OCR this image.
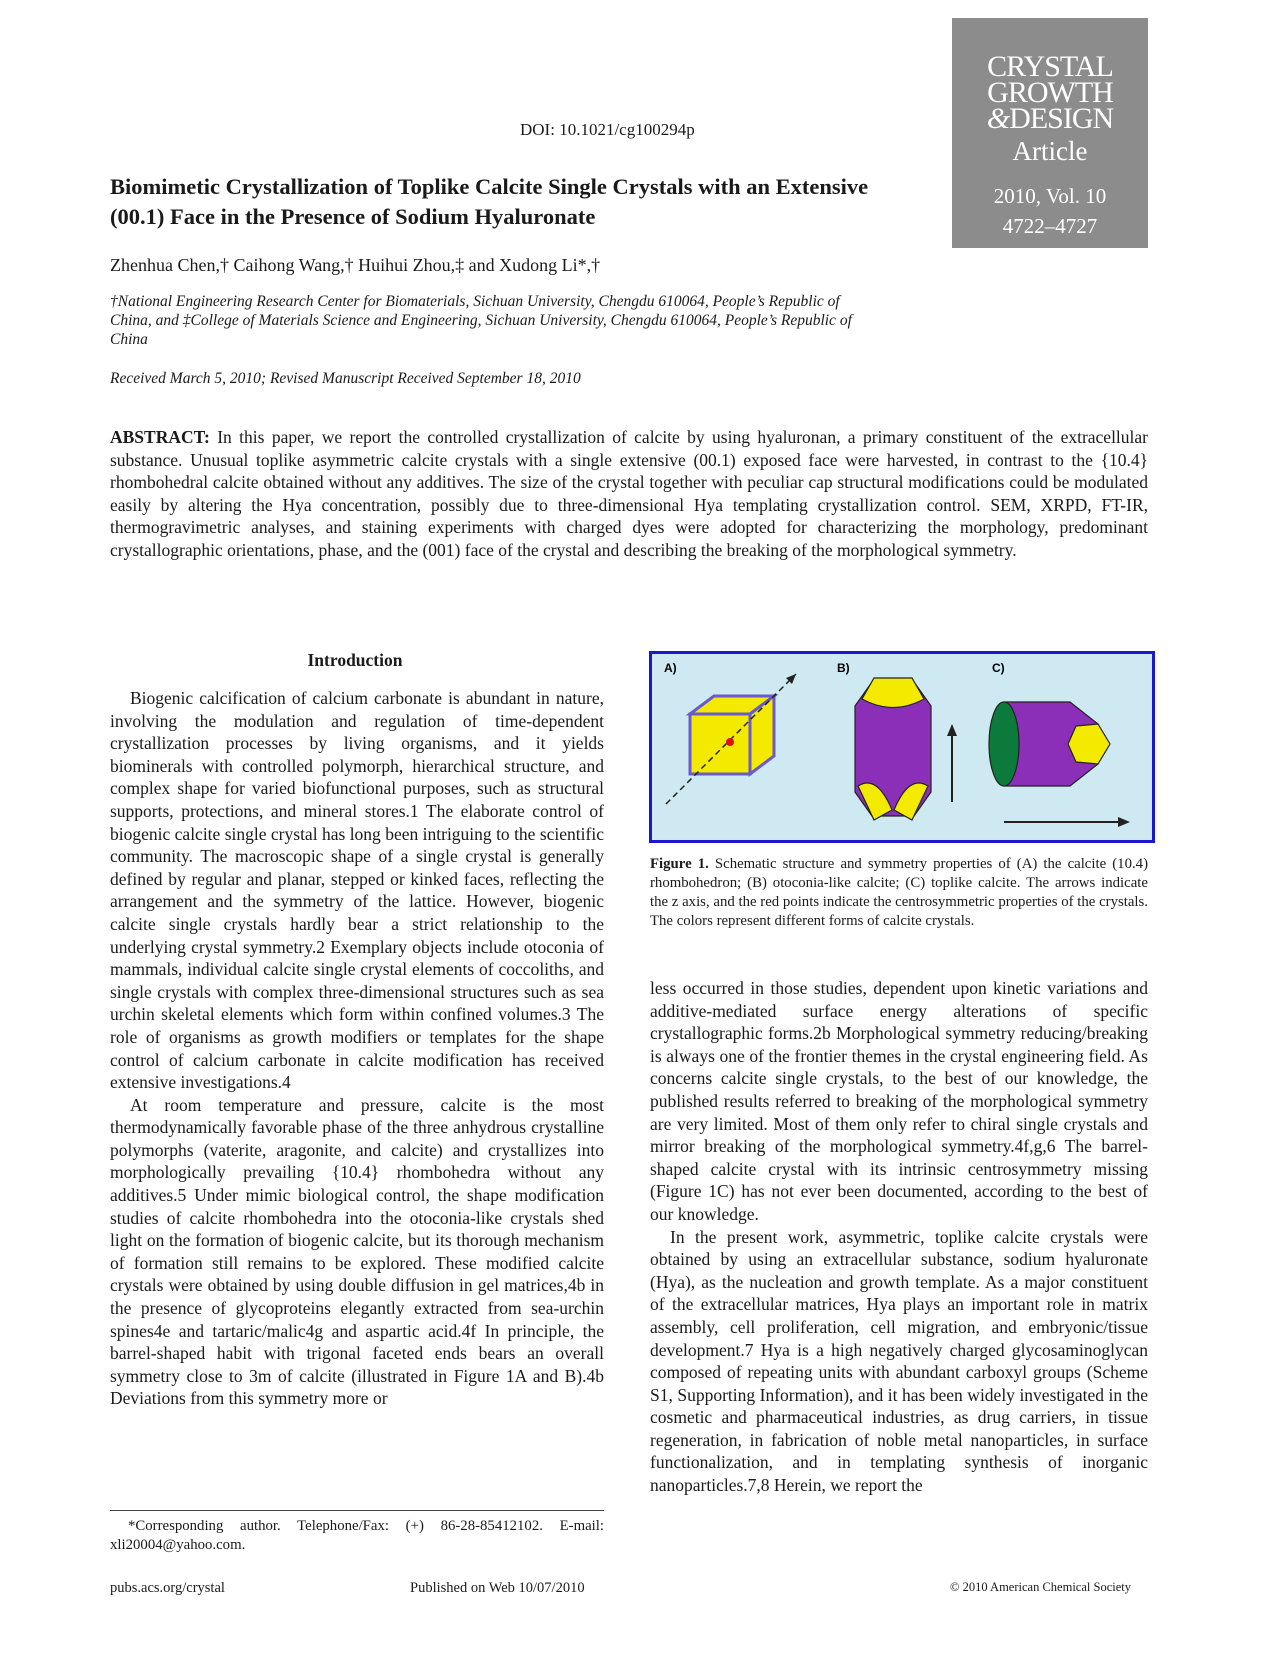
CRYSTAL
GROWTH
&DESIGN
Article
2010, Vol. 10
4722–4727
DOI: 10.1021/cg100294p
Biomimetic Crystallization of Toplike Calcite Single Crystals with an Extensive (00.1) Face in the Presence of Sodium Hyaluronate
Zhenhua Chen,† Caihong Wang,† Huihui Zhou,‡ and Xudong Li*,†
†National Engineering Research Center for Biomaterials, Sichuan University, Chengdu 610064, People’s Republic of China, and ‡College of Materials Science and Engineering, Sichuan University, Chengdu 610064, People’s Republic of China
Received March 5, 2010; Revised Manuscript Received September 18, 2010
ABSTRACT: In this paper, we report the controlled crystallization of calcite by using hyaluronan, a primary constituent of the extracellular substance. Unusual toplike asymmetric calcite crystals with a single extensive (00.1) exposed face were harvested, in contrast to the {10.4} rhombohedral calcite obtained without any additives. The size of the crystal together with peculiar cap structural modifications could be modulated easily by altering the Hya concentration, possibly due to three-dimensional Hya templating crystallization control. SEM, XRPD, FT-IR, thermogravimetric analyses, and staining experiments with charged dyes were adopted for characterizing the morphology, predominant crystallographic orientations, phase, and the (001) face of the crystal and describing the breaking of the morphological symmetry.
Introduction

Biogenic calcification of calcium carbonate is abundant in nature, involving the modulation and regulation of time-dependent crystallization processes by living organisms, and it yields biominerals with controlled polymorph, hierarchical structure, and complex shape for varied biofunctional purposes, such as structural supports, protections, and mineral stores.1 The elaborate control of biogenic calcite single crystal has long been intriguing to the scientific community. The macroscopic shape of a single crystal is generally defined by regular and planar, stepped or kinked faces, reflecting the arrangement and the symmetry of the lattice. However, biogenic calcite single crystals hardly bear a strict relationship to the underlying crystal symmetry.2 Exemplary objects include otoconia of mammals, individual calcite single crystal elements of coccoliths, and single crystals with complex three-dimensional structures such as sea urchin skeletal elements which form within confined volumes.3 The role of organisms as growth modifiers or templates for the shape control of calcium carbonate in calcite modification has received extensive investigations.4

At room temperature and pressure, calcite is the most thermodynamically favorable phase of the three anhydrous crystalline polymorphs (vaterite, aragonite, and calcite) and crystallizes into morphologically prevailing {10.4} rhombohedra without any additives.5 Under mimic biological control, the shape modification studies of calcite rhombohedra into the otoconia-like crystals shed light on the formation of biogenic calcite, but its thorough mechanism of formation still remains to be explored. These modified calcite crystals were obtained by using double diffusion in gel matrices,4b in the presence of glycoproteins elegantly extracted from sea-urchin spines4e and tartaric/malic4g and aspartic acid.4f In principle, the barrel-shaped habit with trigonal faceted ends bears an overall symmetry close to 3m of calcite (illustrated in Figure 1A and B).4b Deviations from this symmetry more or

A)	B)	C)
Figure 1. Schematic structure and symmetry properties of (A) the calcite (10.4) rhombohedron; (B) otoconia-like calcite; (C) toplike calcite. The arrows indicate the z axis, and the red points indicate the centrosymmetric properties of the crystals. The colors represent different forms of calcite crystals.

less occurred in those studies, dependent upon kinetic variations and additive-mediated surface energy alterations of specific crystallographic forms.2b Morphological symmetry reducing/breaking is always one of the frontier themes in the crystal engineering field. As concerns calcite single crystals, to the best of our knowledge, the published results referred to breaking of the morphological symmetry are very limited. Most of them only refer to chiral single crystals and mirror breaking of the morphological symmetry.4f,g,6 The barrel-shaped calcite crystal with its intrinsic centrosymmetry missing (Figure 1C) has not ever been documented, according to the best of our knowledge.

In the present work, asymmetric, toplike calcite crystals were obtained by using an extracellular substance, sodium hyaluronate (Hya), as the nucleation and growth template. As a major constituent of the extracellular matrices, Hya plays an important role in matrix assembly, cell proliferation, cell migration, and embryonic/tissue development.7 Hya is a high negatively charged glycosaminoglycan composed of repeating units with abundant carboxyl groups (Scheme S1, Supporting Information), and it has been widely investigated in the cosmetic and pharmaceutical industries, as drug carriers, in tissue regeneration, in fabrication of noble metal nanoparticles, in surface functionalization, and in templating synthesis of inorganic nanoparticles.7,8 Herein, we report the

*Corresponding author. Telephone/Fax: (+) 86-28-85412102. E-mail: xli20004@yahoo.com.
pubs.acs.org/crystal	Published on Web 10/07/2010	© 2010 American Chemical Society
